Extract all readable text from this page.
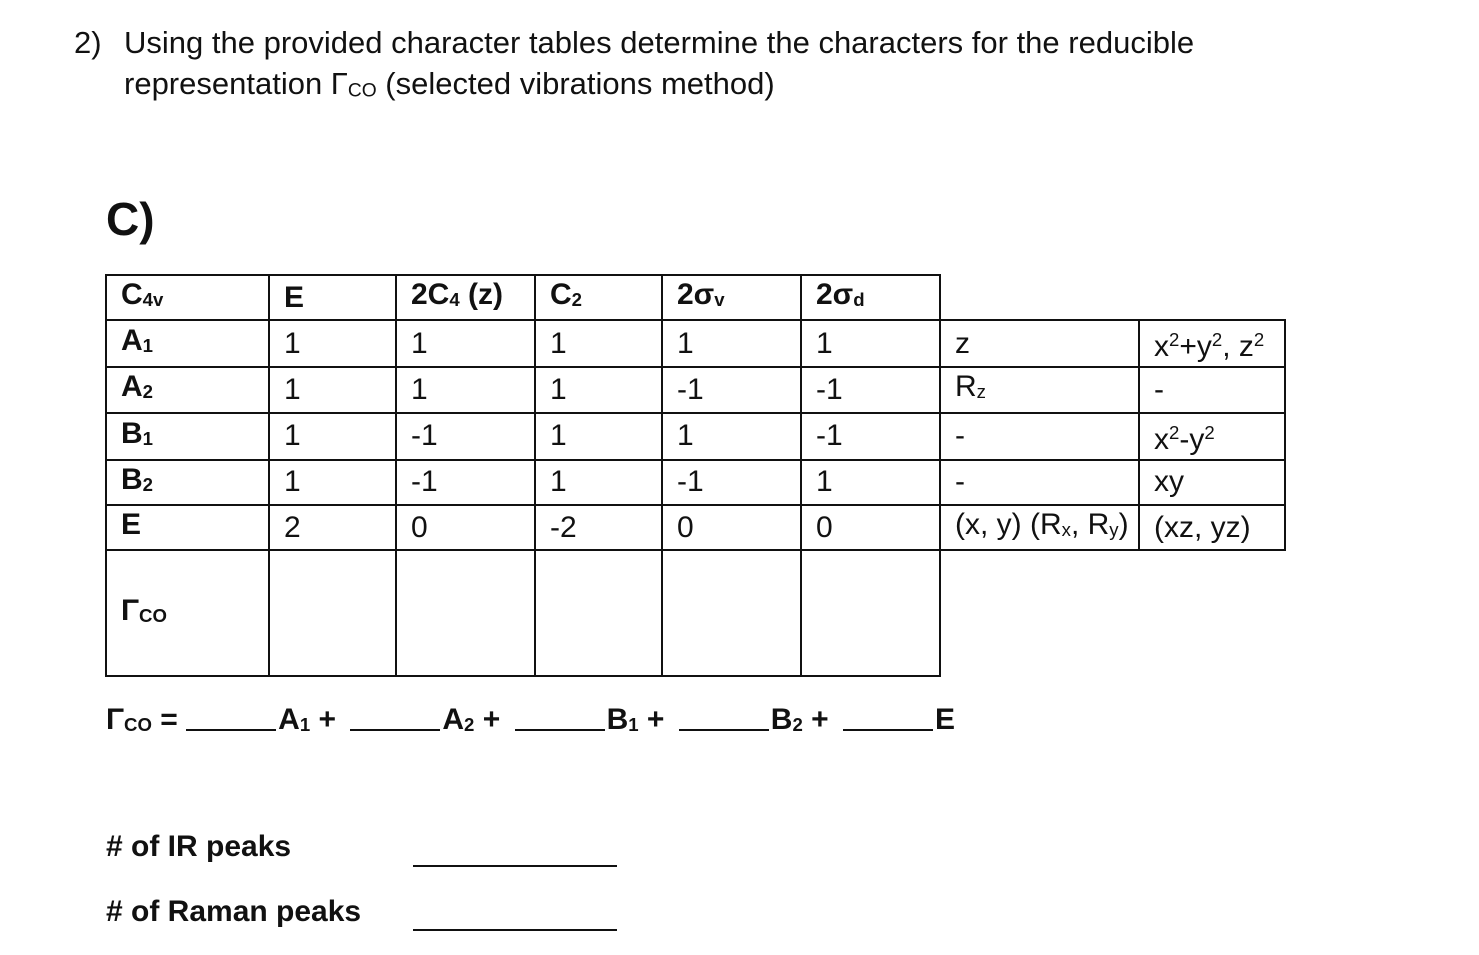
2) Using the provided character tables determine the characters for the reducible
representation ΓCO (selected vibrations method)
C)
C4v	E	2C4 (z)	C2	2σv	2σd		
A1	1	1	1	1	1	z	$x^2+y^2$, $z^2$
A2	1	1	1	-1	-1	Rz	-
B1	1	-1	1	1	-1	-	$x^2-y^2$
B2	1	-1	1	-1	1	-	xy
E	2	0	-2	0	0	(x, y) (Rx, Ry)	(xz, yz)
ΓCO							
ΓCO =	A1 +	A2 +	B1 +	B2 +	E
# of IR peaks
# of Raman peaks
